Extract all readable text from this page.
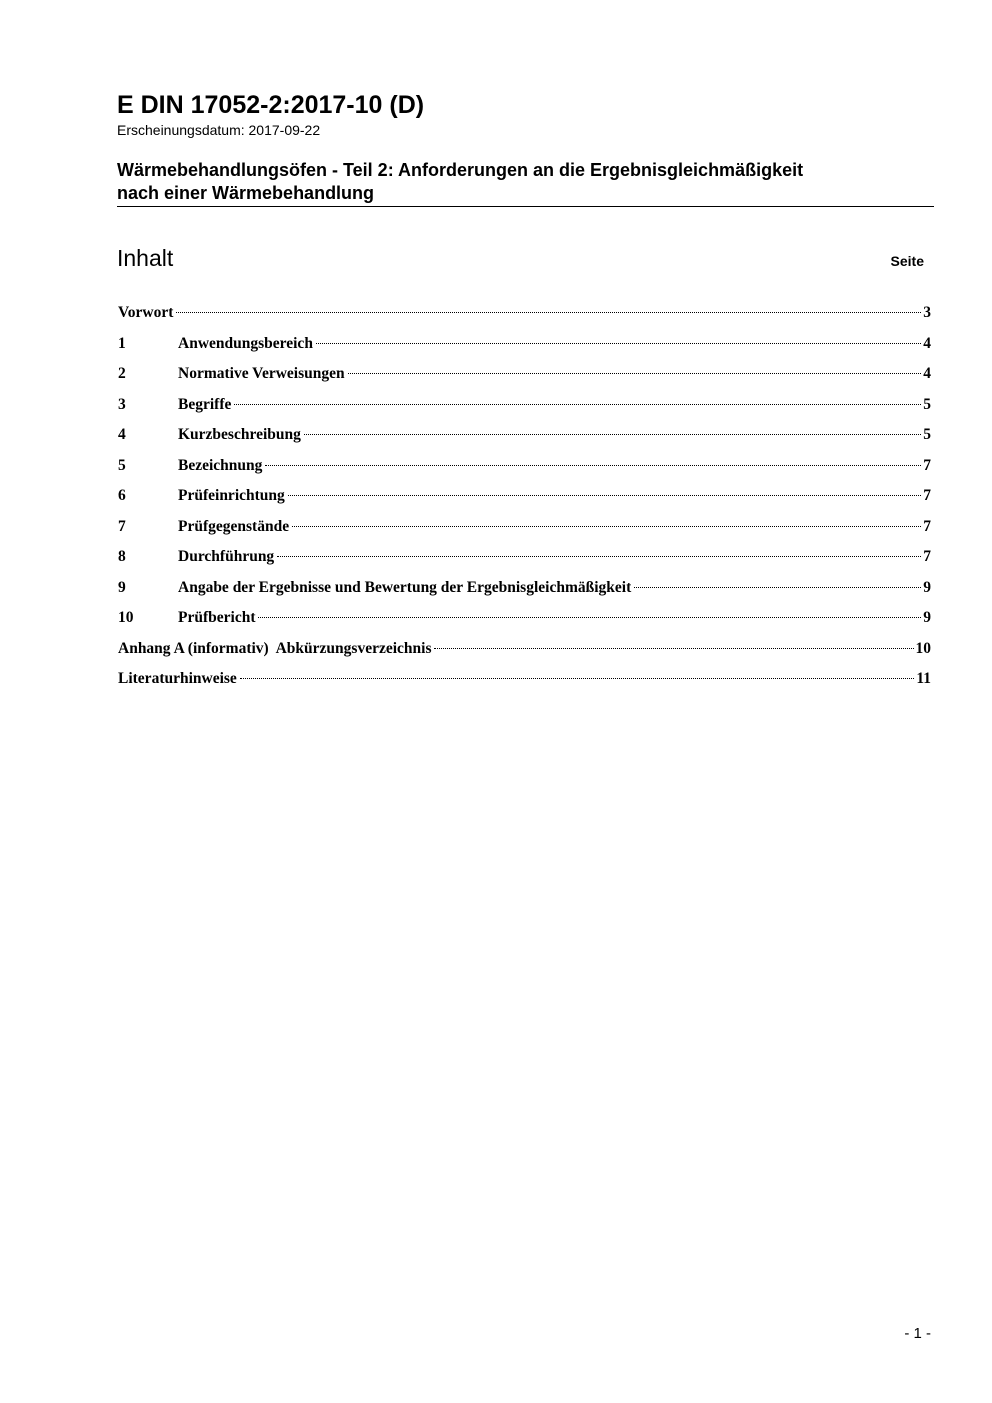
E DIN 17052-2:2017-10 (D)
Erscheinungsdatum: 2017-09-22
Wärmebehandlungsöfen - Teil 2: Anforderungen an die Ergebnisgleichmäßigkeit
nach einer Wärmebehandlung
Inhalt	Seite
Vorwort	3
1	Anwendungsbereich	4
2	Normative Verweisungen	4
3	Begriffe	5
4	Kurzbeschreibung	5
5	Bezeichnung	7
6	Prüfeinrichtung	7
7	Prüfgegenstände	7
8	Durchführung	7
9	Angabe der Ergebnisse und Bewertung der Ergebnisgleichmäßigkeit	9
10	Prüfbericht	9
Anhang A (informativ)  Abkürzungsverzeichnis	10
Literaturhinweise	11
- 1 -
